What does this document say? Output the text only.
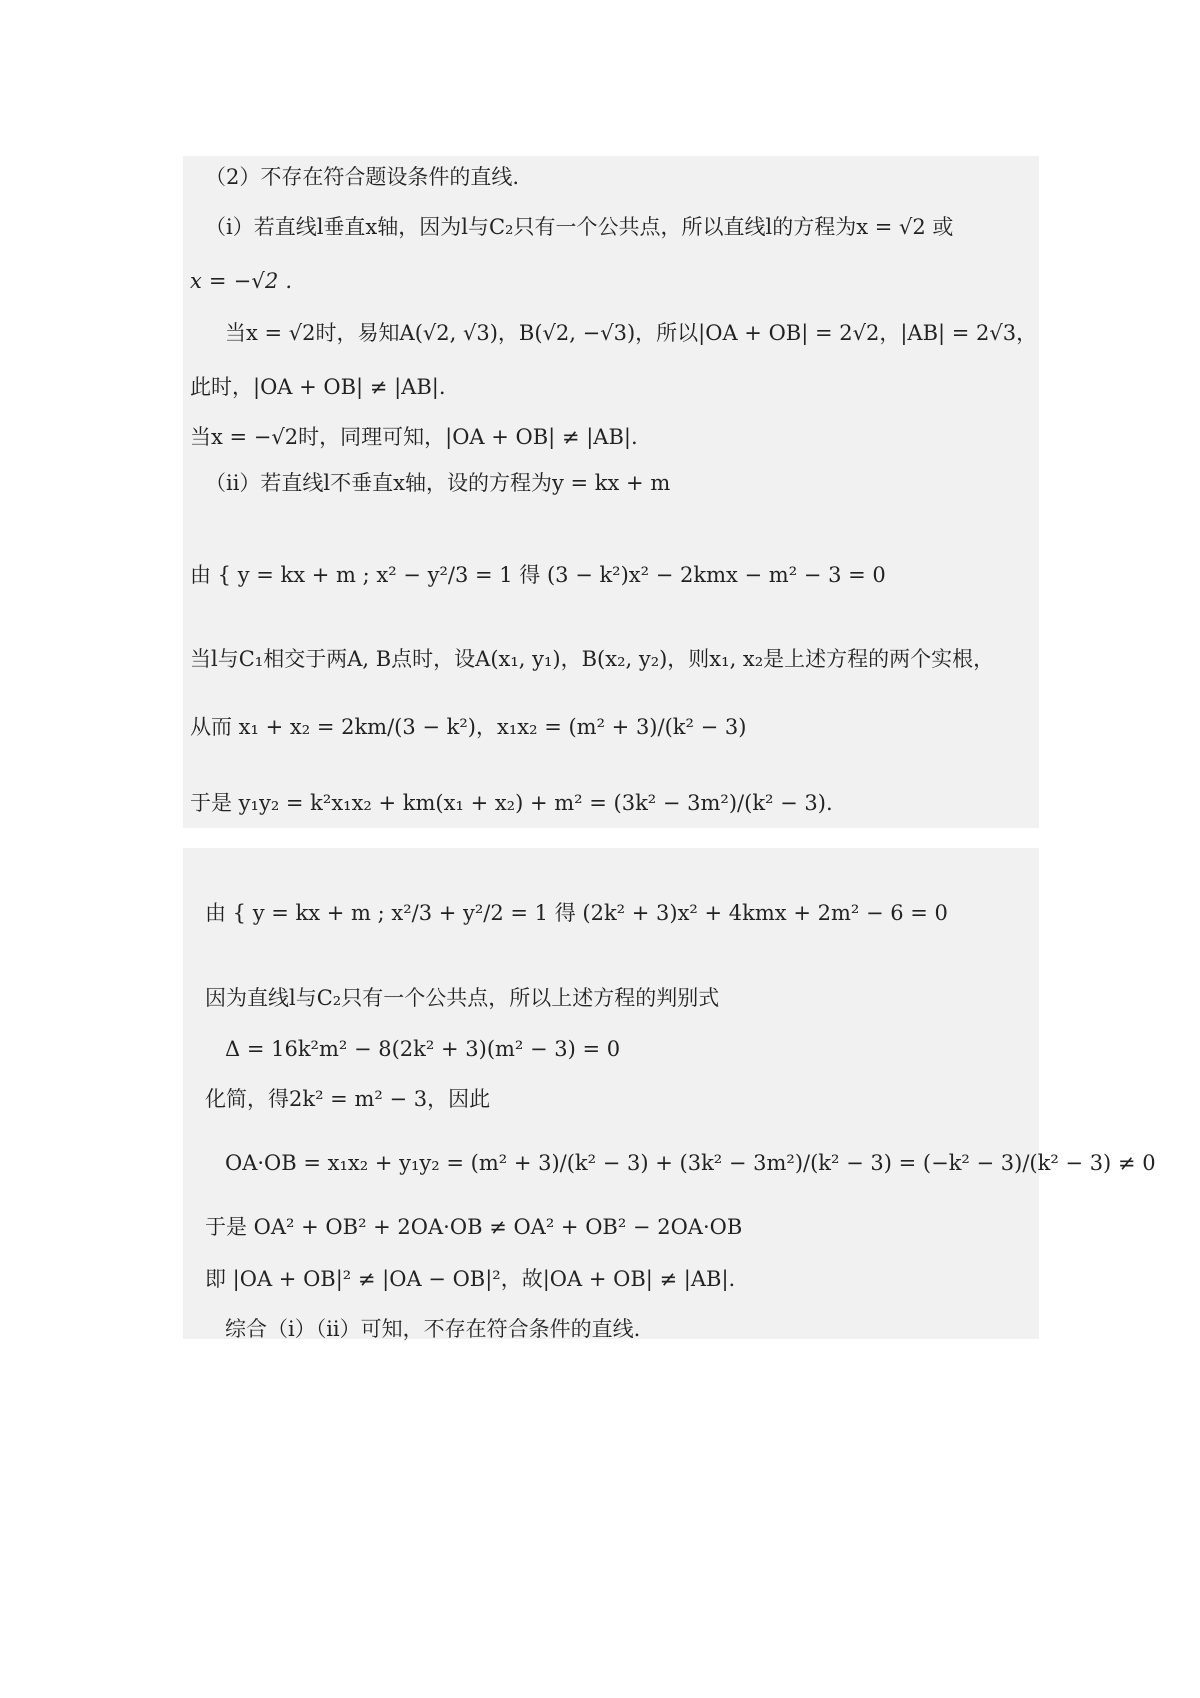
（2）不存在符合题设条件的直线.
（i）若直线l垂直x轴，因为l与C₂只有一个公共点，所以直线l的方程为x = √2 或
x = −√2 .
当x = √2时，易知A(√2, √3)，B(√2, −√3)，所以|OA + OB| = 2√2，|AB| = 2√3，
此时，|OA + OB| ≠ |AB|.
当x = −√2时，同理可知，|OA + OB| ≠ |AB|.
（ii）若直线l不垂直x轴，设的方程为y = kx + m
由 { y = kx + m ; x² − y²/3 = 1 得 (3 − k²)x² − 2kmx − m² − 3 = 0
当l与C₁相交于两A, B点时，设A(x₁, y₁)，B(x₂, y₂)，则x₁, x₂是上述方程的两个实根，
从而 x₁ + x₂ = 2km/(3 − k²)，x₁x₂ = (m² + 3)/(k² − 3)
于是 y₁y₂ = k²x₁x₂ + km(x₁ + x₂) + m² = (3k² − 3m²)/(k² − 3).
由 { y = kx + m ; x²/3 + y²/2 = 1 得 (2k² + 3)x² + 4kmx + 2m² − 6 = 0
因为直线l与C₂只有一个公共点，所以上述方程的判别式
Δ = 16k²m² − 8(2k² + 3)(m² − 3) = 0
化简，得2k² = m² − 3，因此
OA·OB = x₁x₂ + y₁y₂ = (m² + 3)/(k² − 3) + (3k² − 3m²)/(k² − 3) = (−k² − 3)/(k² − 3) ≠ 0
于是 OA² + OB² + 2OA·OB ≠ OA² + OB² − 2OA·OB
即 |OA + OB|² ≠ |OA − OB|²，故|OA + OB| ≠ |AB|.
综合（i）（ii）可知，不存在符合条件的直线.
